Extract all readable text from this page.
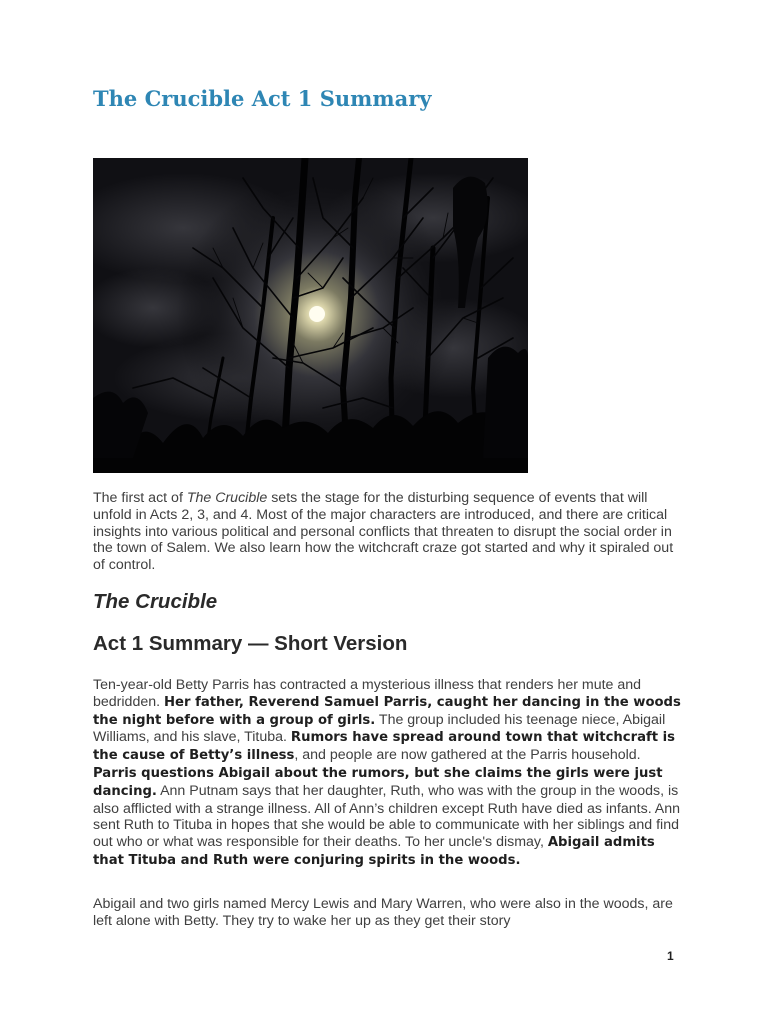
The Crucible Act 1 Summary

The first act of The Crucible sets the stage for the disturbing sequence of events that will unfold in Acts 2, 3, and 4. Most of the major characters are introduced, and there are critical insights into various political and personal conflicts that threaten to disrupt the social order in the town of Salem. We also learn how the witchcraft craze got started and why it spiraled out of control.

The Crucible
Act 1 Summary — Short Version

Ten-year-old Betty Parris has contracted a mysterious illness that renders her mute and bedridden. Her father, Reverend Samuel Parris, caught her dancing in the woods the night before with a group of girls. The group included his teenage niece, Abigail Williams, and his slave, Tituba. Rumors have spread around town that witchcraft is the cause of Betty’s illness, and people are now gathered at the Parris household. Parris questions Abigail about the rumors, but she claims the girls were just dancing. Ann Putnam says that her daughter, Ruth, who was with the group in the woods, is also afflicted with a strange illness. All of Ann’s children except Ruth have died as infants. Ann sent Ruth to Tituba in hopes that she would be able to communicate with her siblings and find out who or what was responsible for their deaths. To her uncle's dismay, Abigail admits that Tituba and Ruth were conjuring spirits in the woods.

Abigail and two girls named Mercy Lewis and Mary Warren, who were also in the woods, are left alone with Betty. They try to wake her up as they get their story

1
